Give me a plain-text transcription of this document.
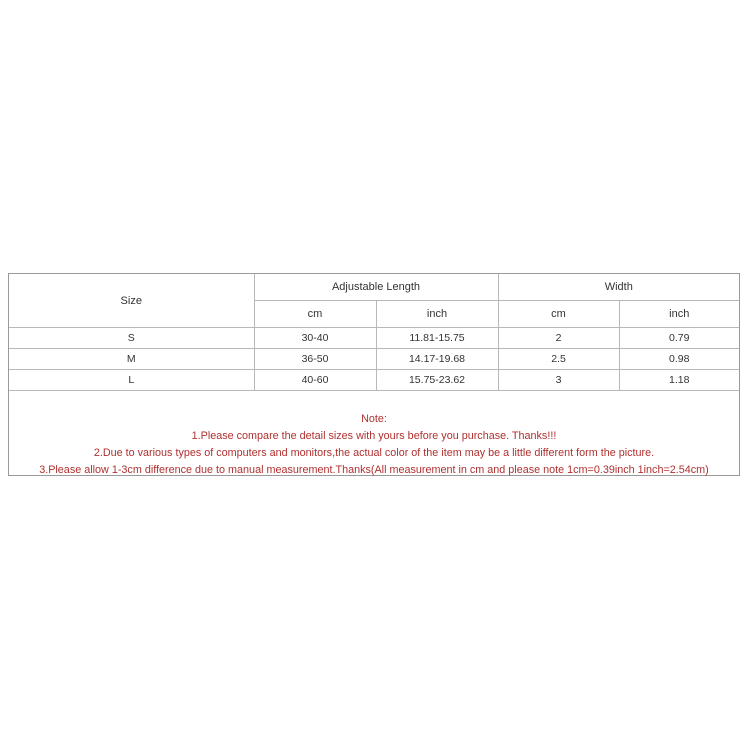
Size	Adjustable Length		Width	
	cm	inch	cm	inch
S	30-40	11.81-15.75	2	0.79
M	36-50	14.17-19.68	2.5	0.98
L	40-60	15.75-23.62	3	1.18
Note:
1.Please compare the detail sizes with yours before you purchase. Thanks!!!
2.Due to various types of computers and monitors,the actual color of the item may be a little different form the picture.
3.Please allow 1-3cm difference due to manual measurement.Thanks(All measurement in cm and please note 1cm=0.39inch 1inch=2.54cm)
